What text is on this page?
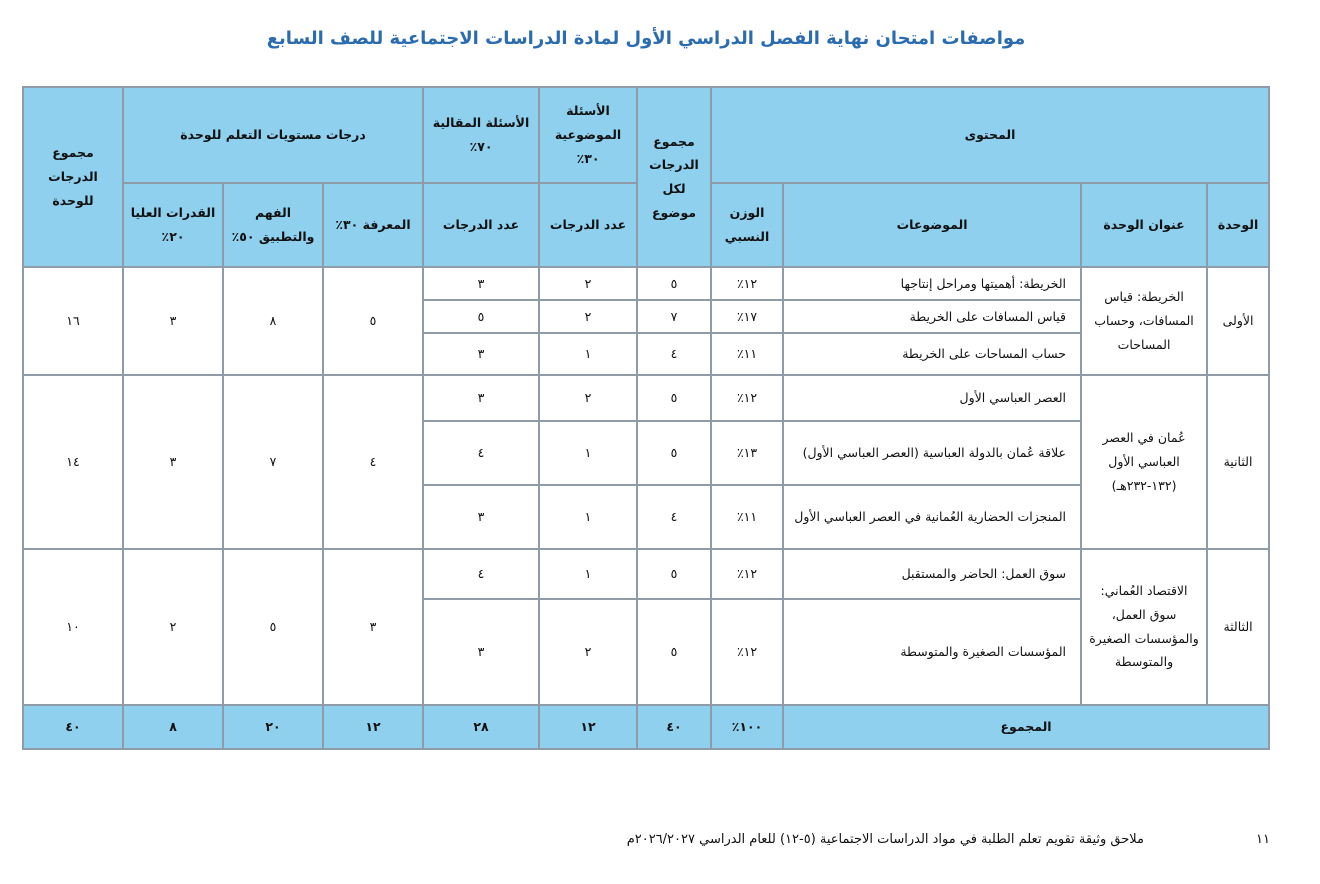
مواصفات امتحان نهاية الفصل الدراسي الأول لمادة الدراسات الاجتماعية للصف السابع
المحتوى				مجموع الدرجات لكل موضوع	الأسئلة الموضوعية ٣٠٪	الأسئلة المقالية ٧٠٪	درجات مستويات التعلم للوحدة			مجموع الدرجات للوحدة
الوحدة	عنوان الوحدة	الموضوعات	الوزن النسبي		عدد الدرجات	عدد الدرجات	المعرفة ٣٠٪	الفهم والتطبيق ٥٠٪	القدرات العليا ٢٠٪	
الأولى	الخريطة: قياس المسافات، وحساب المساحات	الخريطة: أهميتها ومراحل إنتاجها	١٢٪	٥	٢	٣	٥	٨	٣	١٦
		قياس المسافات على الخريطة	١٧٪	٧	٢	٥				
		حساب المساحات على الخريطة	١١٪	٤	١	٣				
الثانية	عُمان في العصر العباسي الأول (١٣٢-٢٣٢هـ)	العصر العباسي الأول	١٢٪	٥	٢	٣	٤	٧	٣	١٤
		علاقة عُمان بالدولة العباسية (العصر العباسي الأول)	١٣٪	٥	١	٤				
		المنجزات الحضارية العُمانية في العصر العباسي الأول	١١٪	٤	١	٣				
الثالثة	الاقتصاد العُماني: سوق العمل، والمؤسسات الصغيرة والمتوسطة	سوق العمل: الحاضر والمستقبل	١٢٪	٥	١	٤	٣	٥	٢	١٠
		المؤسسات الصغيرة والمتوسطة	١٢٪	٥	٢	٣				
المجموع			١٠٠٪	٤٠	١٢	٢٨	١٢	٢٠	٨	٤٠
١١
ملاحق وثيقة تقويم تعلم الطلبة في مواد الدراسات الاجتماعية (٥-١٢) للعام الدراسي ٢٠٢٦/٢٠٢٧م
